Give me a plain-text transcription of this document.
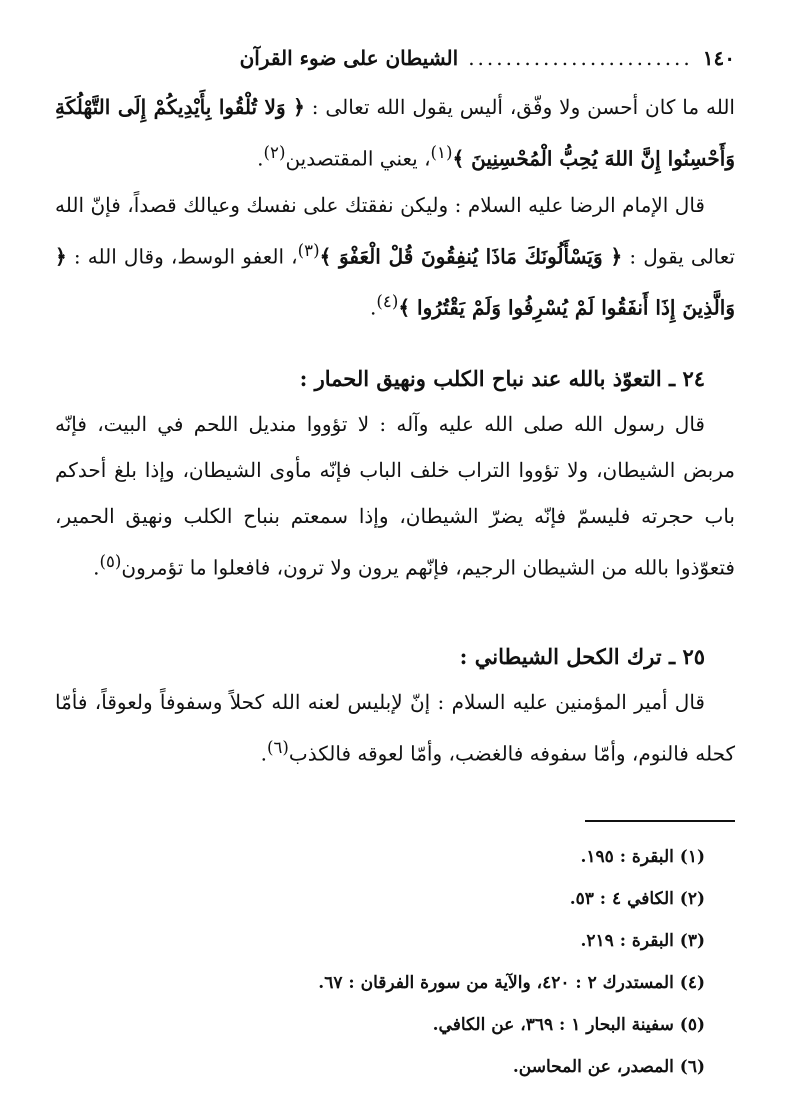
١٤٠
........................
الشيطان على ضوء القرآن

الله ما كان أحسن ولا وفّق، أليس يقول الله تعالى : ﴿ وَلا تُلْقُوا بِأَيْدِيكُمْ إِلَى التَّهْلُكَةِ وَأَحْسِنُوا إِنَّ اللهَ يُحِبُّ الْمُحْسِنِينَ ﴾$^{(١)}$، يعني المقتصدين$^{(٢)}$.

قال الإمام الرضا عليه السلام : وليكن نفقتك على نفسك وعيالك قصداً، فإنّ الله تعالى يقول : ﴿ وَيَسْأَلُونَكَ مَاذَا يُنفِقُونَ قُلْ الْعَفْوَ ﴾$^{(٣)}$، العفو الوسط، وقال الله : ﴿ وَالَّذِينَ إِذَا أَنفَقُوا لَمْ يُسْرِفُوا وَلَمْ يَقْتُرُوا ﴾$^{(٤)}$.

٢٤ ـ التعوّذ بالله عند نباح الكلب ونهيق الحمار :

قال رسول الله صلى الله عليه وآله : لا تؤووا منديل اللحم في البيت، فإنّه مربض الشيطان، ولا تؤووا التراب خلف الباب فإنّه مأوى الشيطان، وإذا بلغ أحدكم باب حجرته فليسمّ فإنّه يضرّ الشيطان، وإذا سمعتم بنباح الكلب ونهيق الحمير، فتعوّذوا بالله من الشيطان الرجيم، فإنّهم يرون ولا ترون، فافعلوا ما تؤمرون$^{(٥)}$.

٢٥ ـ ترك الكحل الشيطاني :

قال أمير المؤمنين عليه السلام : إنّ لإبليس لعنه الله كحلاً وسفوفاً ولعوقاً، فأمّا كحله فالنوم، وأمّا سفوفه فالغضب، وأمّا لعوقه فالكذب$^{(٦)}$.

(١) البقرة : ١٩٥.
(٢) الكافي ٤ : ٥٣.
(٣) البقرة : ٢١٩.
(٤) المستدرك ٢ : ٤٢٠، والآية من سورة الفرقان : ٦٧.
(٥) سفينة البحار ١ : ٣٦٩، عن الكافي.
(٦) المصدر، عن المحاسن.
